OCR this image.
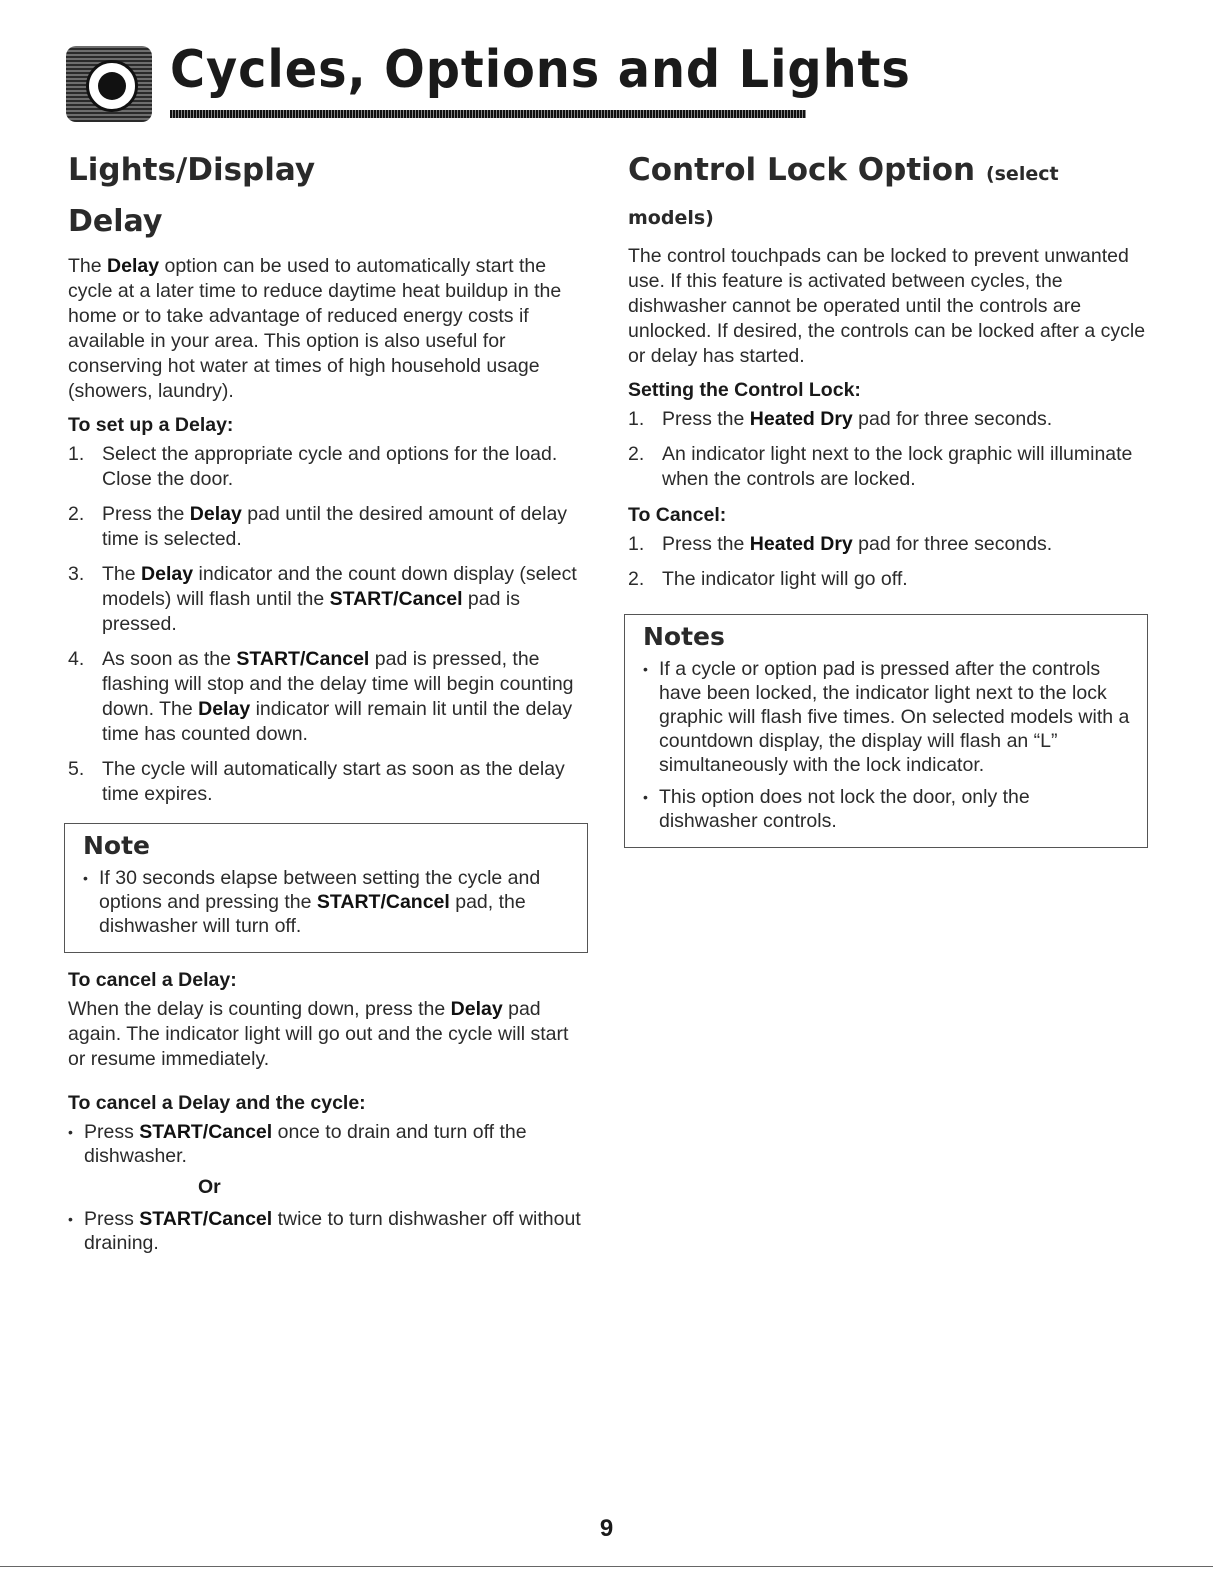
Cycles, Options and Lights
Lights/Display
Delay

The Delay option can be used to automatically start the cycle at a later time to reduce daytime heat buildup in the home or to take advantage of reduced energy costs if available in your area. This option is also useful for conserving hot water at times of high household usage (showers, laundry).

To set up a Delay:
1. Select the appropriate cycle and options for the load. Close the door.
2. Press the Delay pad until the desired amount of delay time is selected.
3. The Delay indicator and the count down display (select models) will flash until the START/Cancel pad is pressed.
4. As soon as the START/Cancel pad is pressed, the flashing will stop and the delay time will begin counting down. The Delay indicator will remain lit until the delay time has counted down.
5. The cycle will automatically start as soon as the delay time expires.
Note
• If 30 seconds elapse between setting the cycle and options and pressing the START/Cancel pad, the dishwasher will turn off.
To cancel a Delay:

When the delay is counting down, press the Delay pad again. The indicator light will go out and the cycle will start or resume immediately.

To cancel a Delay and the cycle:
• Press START/Cancel once to drain and turn off the dishwasher.
Or
• Press START/Cancel twice to turn dishwasher off without draining.
Control Lock Option (select models)

The control touchpads can be locked to prevent unwanted use. If this feature is activated between cycles, the dishwasher cannot be operated until the controls are unlocked. If desired, the controls can be locked after a cycle or delay has started.

Setting the Control Lock:
1. Press the Heated Dry pad for three seconds.
2. An indicator light next to the lock graphic will illuminate when the controls are locked.
To Cancel:
1. Press the Heated Dry pad for three seconds.
2. The indicator light will go off.
Notes
• If a cycle or option pad is pressed after the controls have been locked, the indicator light next to the lock graphic will flash five times. On selected models with a countdown display, the display will flash an “L” simultaneously with the lock indicator.
• This option does not lock the door, only the dishwasher controls.
9
